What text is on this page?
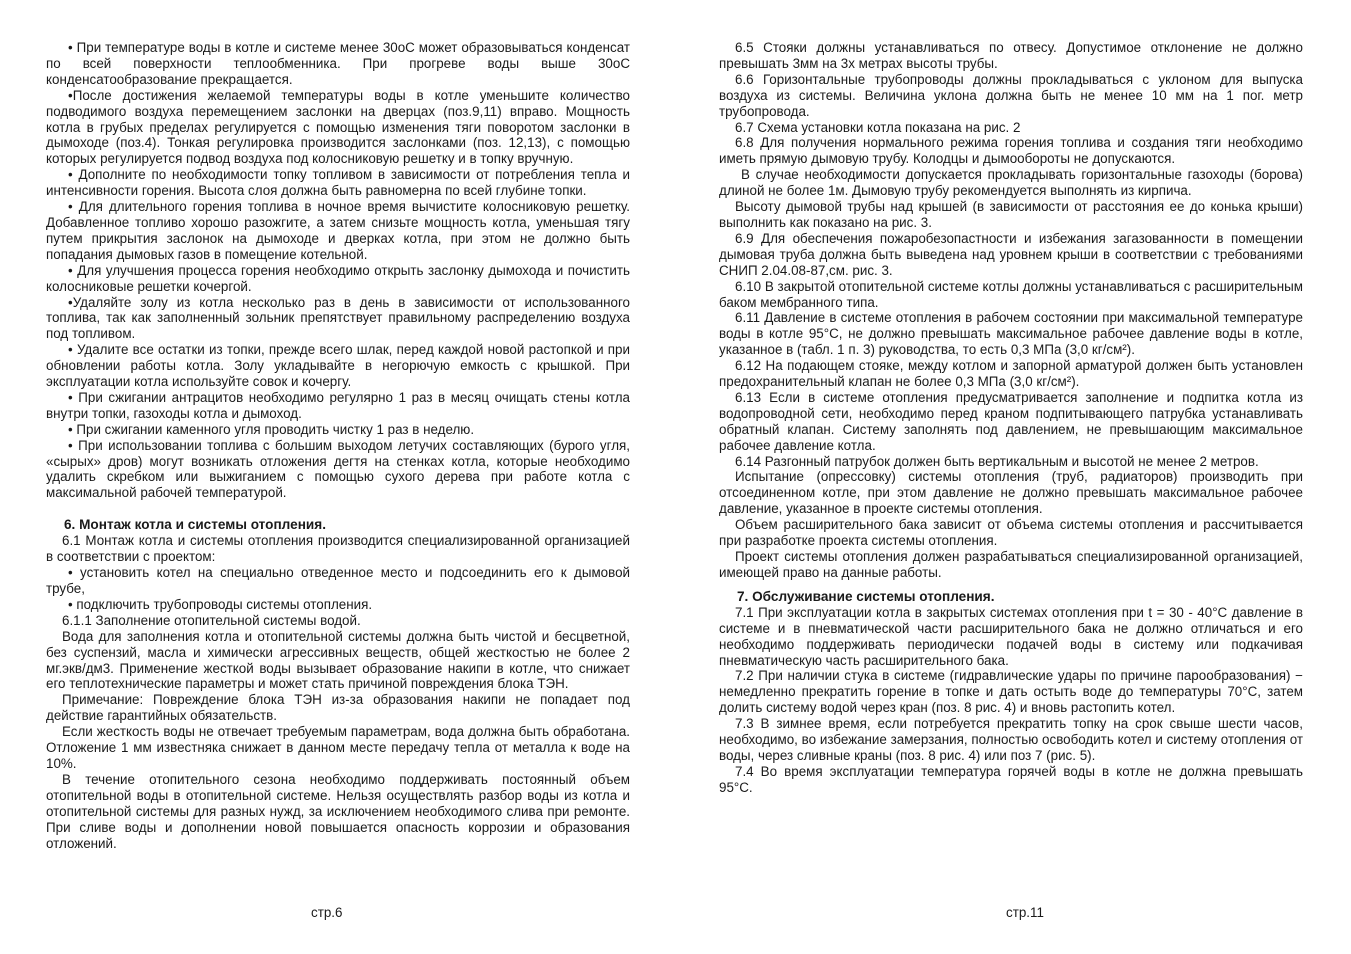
• При температуре воды в котле и системе менее 30оС может образовываться конденсат по всей поверхности теплообменника. При прогреве воды выше 30оС конденсатообразование прекращается.

•После достижения желаемой температуры воды в котле уменьшите количество подводимого воздуха перемещением заслонки на дверцах (поз.9,11) вправо. Мощность котла в грубых пределах регулируется с помощью изменения тяги поворотом заслонки в дымоходе (поз.4). Тонкая регулировка производится заслонками (поз. 12,13), с помощью которых регулируется подвод воздуха под колосниковую решетку и в топку вручную.

• Дополните по необходимости топку топливом в зависимости от потребления тепла и интенсивности горения. Высота слоя должна быть равномерна по всей глубине топки.

• Для длительного горения топлива в ночное время вычистите колосниковую решетку. Добавленное топливо хорошо разожгите, а затем снизьте мощность котла, уменьшая тягу путем прикрытия заслонок на дымоходе и дверках котла, при этом не должно быть попадания дымовых газов в помещение котельной.

• Для улучшения процесса горения необходимо открыть заслонку дымохода и почистить колосниковые решетки кочергой.

•Удаляйте золу из котла несколько раз в день в зависимости от использованного топлива, так как заполненный зольник препятствует правильному распределению воздуха под топливом.

• Удалите все остатки из топки, прежде всего шлак, перед каждой новой растопкой и при обновлении работы котла. Золу укладывайте в негорючую емкость с крышкой. При эксплуатации котла используйте совок и кочергу.

• При сжигании антрацитов необходимо регулярно 1 раз в месяц очищать стены котла внутри топки, газоходы котла и дымоход.

• При сжигании каменного угля проводить чистку 1 раз в неделю.

• При использовании топлива с большим выходом летучих составляющих (бурого угля, «сырых» дров) могут возникать отложения дегтя на стенках котла, которые необходимо удалить скребком или выжиганием с помощью сухого дерева при работе котла с максимальной рабочей температурой.

6. Монтаж котла и системы отопления.

6.1 Монтаж котла и системы отопления производится специализированной организацией в соответствии с проектом:

• установить котел на специально отведенное место и подсоединить его к дымовой трубе,

• подключить трубопроводы системы отопления.

6.1.1 Заполнение отопительной системы водой.

Вода для заполнения котла и отопительной системы должна быть чистой и бесцветной, без суспензий, масла и химически агрессивных веществ, общей жесткостью не более 2 мг.экв/дм3. Применение жесткой воды вызывает образование накипи в котле, что снижает его теплотехнические параметры и может стать причиной повреждения блока ТЭН.

Примечание: Повреждение блока ТЭН из-за образования накипи не попадает под действие гарантийных обязательств.

Если жесткость воды не отвечает требуемым параметрам, вода должна быть обработана. Отложение 1 мм известняка снижает в данном месте передачу тепла от металла к воде на 10%.

В течение отопительного сезона необходимо поддерживать постоянный объем отопительной воды в отопительной системе. Нельзя осуществлять разбор воды из котла и отопительной системы для разных нужд, за исключением необходимого слива при ремонте. При сливе воды и дополнении новой повышается опасность коррозии и образования отложений.

стр.6

6.5 Стояки должны устанавливаться по отвесу. Допустимое отклонение не должно превышать 3мм на 3х метрах высоты трубы.

6.6 Горизонтальные трубопроводы должны прокладываться с уклоном для выпуска воздуха из системы. Величина уклона должна быть не менее 10 мм на 1 пог. метр трубопровода.

6.7 Схема установки котла показана на рис. 2

6.8 Для получения нормального режима горения топлива и создания тяги необходимо иметь прямую дымовую трубу. Колодцы и дымообороты не допускаются.

В случае необходимости допускается прокладывать горизонтальные газоходы (борова) длиной не более 1м. Дымовую трубу рекомендуется выполнять из кирпича.

Высоту дымовой трубы над крышей (в зависимости от расстояния ее до конька крыши) выполнить как показано на рис. 3.

6.9 Для обеспечения пожаробезопастности и избежания загазованности в помещении дымовая труба должна быть выведена над уровнем крыши в соответствии с требованиями СНИП 2.04.08-87,см. рис. 3.

6.10 В закрытой отопительной системе котлы должны устанавливаться с расширительным баком мембранного типа.

6.11 Давление в системе отопления в рабочем состоянии при максимальной температуре воды в котле 95°С, не должно превышать максимальное рабочее давление воды в котле, указанное в (табл. 1 п. 3) руководства, то есть 0,3 МПа (3,0 кг/см²).

6.12 На подающем стояке, между котлом и запорной арматурой должен быть установлен предохранительный клапан не более 0,3 МПа (3,0 кг/см²).

6.13 Если в системе отопления предусматривается заполнение и подпитка котла из водопроводной сети, необходимо перед краном подпитывающего патрубка устанавливать обратный клапан. Систему заполнять под давлением, не превышающим максимальное рабочее давление котла.

6.14 Разгонный патрубок должен быть вертикальным и высотой не менее 2 метров.

Испытание (опрессовку) системы отопления (труб, радиаторов) производить при отсоединенном котле, при этом давление не должно превышать максимальное рабочее давление, указанное в проекте системы отопления.

Объем расширительного бака зависит от объема системы отопления и рассчитывается при разработке проекта системы отопления.

Проект системы отопления должен разрабатываться специализированной организацией, имеющей право на данные работы.

7. Обслуживание системы отопления.

7.1 При эксплуатации котла в закрытых системах отопления при t = 30 - 40°С давление в системе и в пневматической части расширительного бака не должно отличаться и его необходимо поддерживать периодически подачей воды в систему или подкачивая пневматическую часть расширительного бака.

7.2 При наличии стука в системе (гидравлические удары по причине парообразования) − немедленно прекратить горение в топке и дать остыть воде до температуры 70°С, затем долить систему водой через кран (поз. 8 рис. 4) и вновь растопить котел.

7.3 В зимнее время, если потребуется прекратить топку на срок свыше шести часов, необходимо, во избежание замерзания, полностью освободить котел и систему отопления от воды, через сливные краны (поз. 8 рис. 4) или поз 7 (рис. 5).

7.4 Во время эксплуатации температура горячей воды в котле не должна превышать 95°С.

стр.11
